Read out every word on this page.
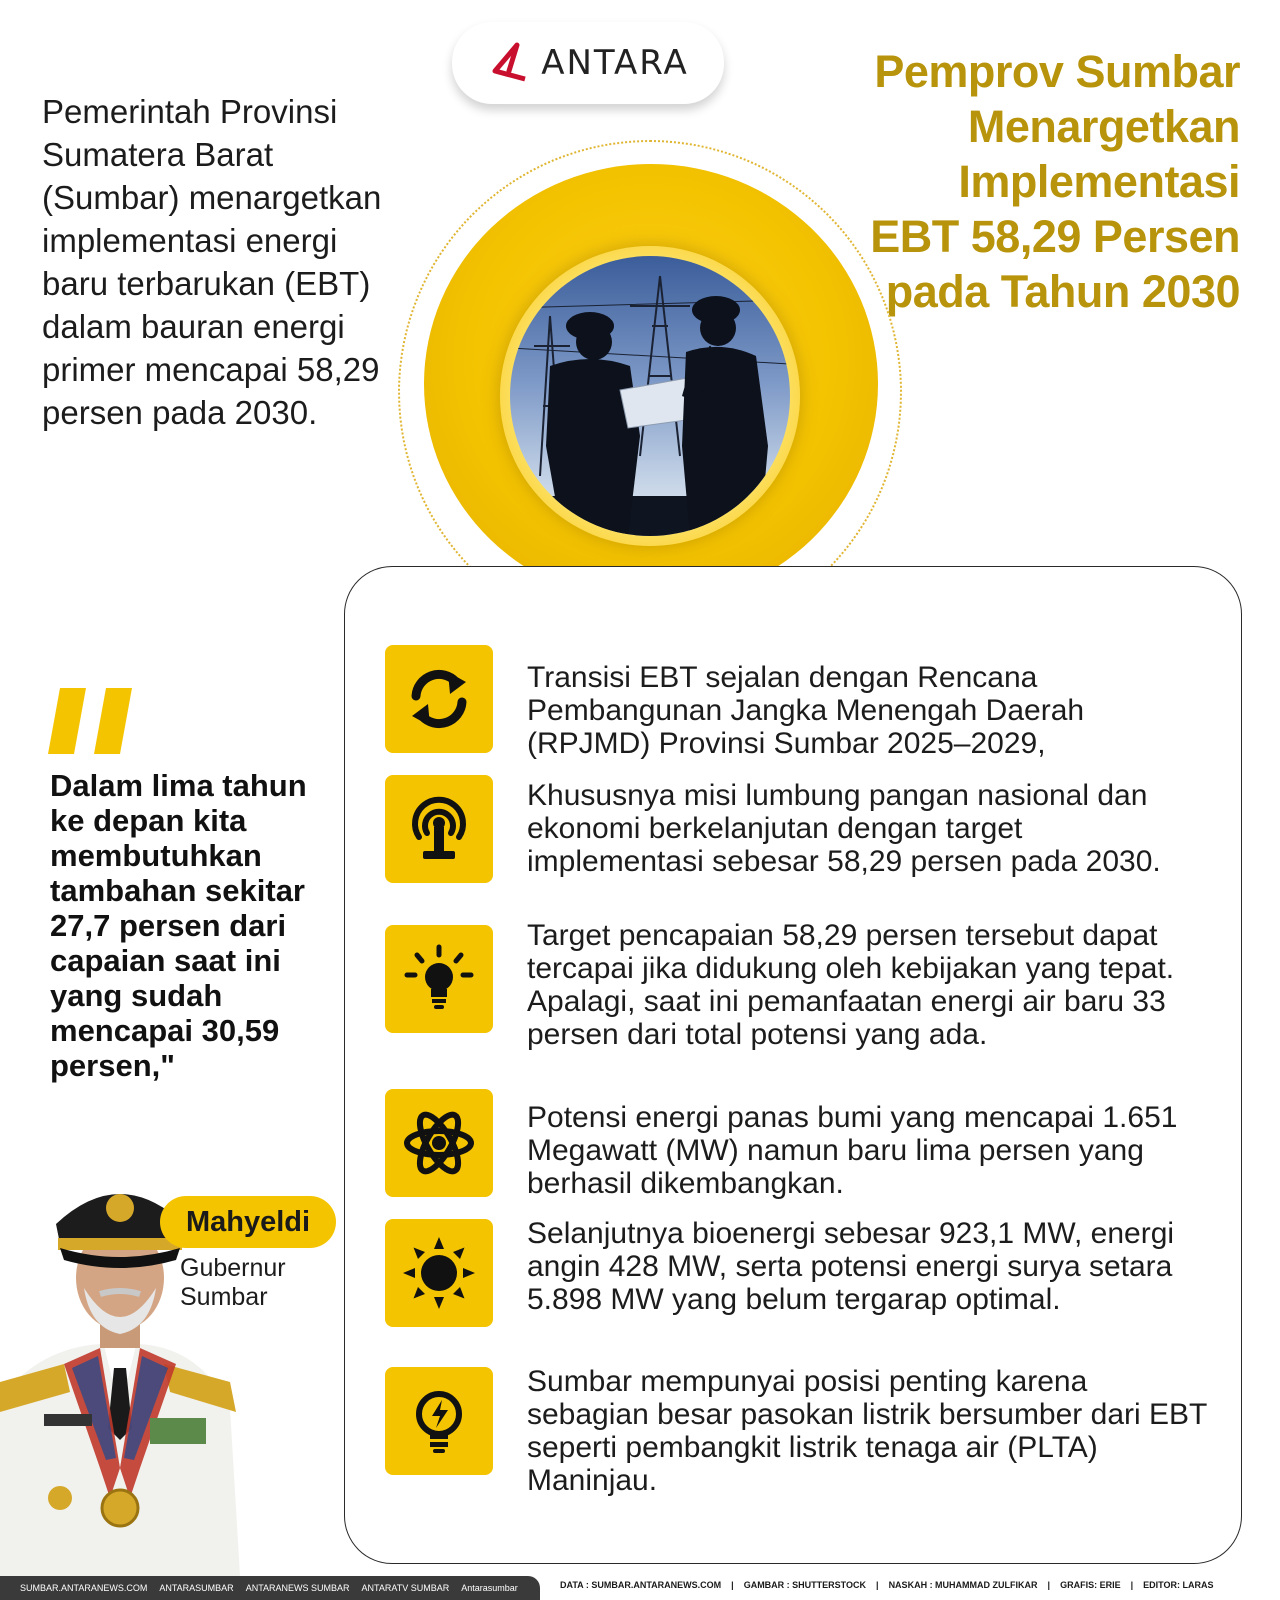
ANTARA
Pemerintah Provinsi Sumatera Barat (Sumbar) menargetkan implementasi energi baru terbarukan (EBT) dalam bauran energi primer mencapai 58,29 persen pada 2030.
Pemprov Sumbar Menargetkan Implementasi EBT 58,29 Persen pada Tahun 2030
Transisi EBT sejalan dengan Rencana Pembangunan Jangka Menengah Daerah (RPJMD) Provinsi Sumbar 2025–2029,
Khususnya misi lumbung pangan nasional dan ekonomi berkelanjutan dengan target implementasi sebesar 58,29 persen pada 2030.
Target pencapaian 58,29 persen tersebut dapat tercapai jika didukung oleh kebijakan yang tepat. Apalagi, saat ini pemanfaatan energi air baru 33 persen dari total potensi yang ada.
Potensi energi panas bumi yang mencapai 1.651 Megawatt (MW) namun baru lima persen yang berhasil dikembangkan.
Selanjutnya bioenergi sebesar 923,1 MW, energi angin 428 MW, serta potensi energi surya setara 5.898 MW yang belum tergarap optimal.
Sumbar mempunyai posisi penting karena sebagian besar pasokan listrik bersumber dari EBT seperti pembangkit listrik tenaga air (PLTA) Maninjau.
Dalam lima tahun ke depan kita membutuhkan tambahan sekitar 27,7 persen dari capaian saat ini yang sudah mencapai 30,59 persen,"
Mahyeldi
Gubernur Sumbar
SUMBAR.ANTARANEWS.COM ANTARASUMBAR ANTARANEWS SUMBAR ANTARATV SUMBAR Antarasumbar	DATA : SUMBAR.ANTARANEWS.COM | GAMBAR : SHUTTERSTOCK | NASKAH : MUHAMMAD ZULFIKAR | GRAFIS: ERIE | EDITOR: LARAS
